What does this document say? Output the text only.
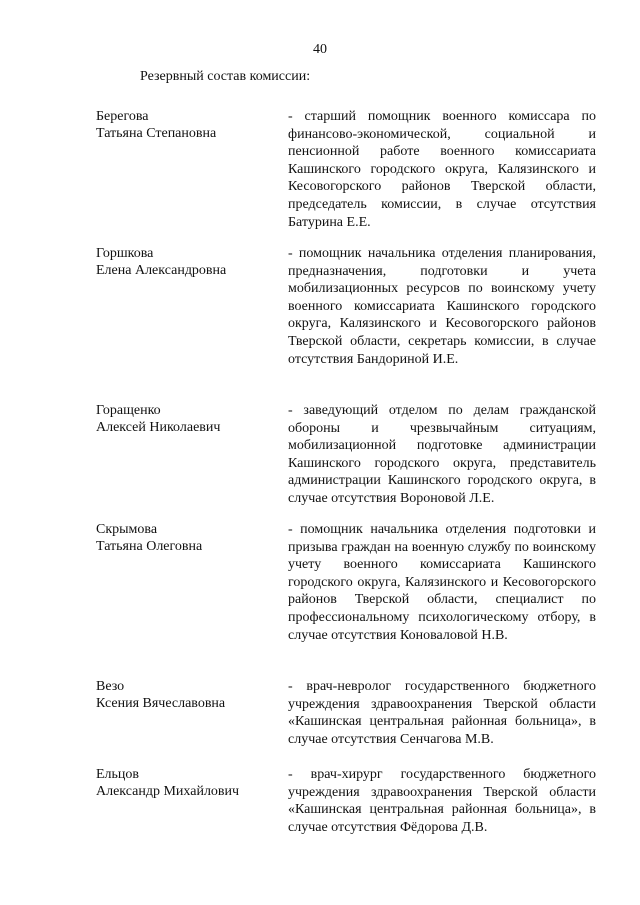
40
Резервный состав комиссии:
Берегова
Татьяна Степановна
- старший помощник военного комиссара по финансово-экономической, социальной и пенсионной работе военного комиссариата Кашинского городского округа, Калязинского и Кесовогорского районов Тверской области, председатель комиссии, в случае отсутствия Батурина Е.Е.
Горшкова
Елена Александровна
- помощник начальника отделения планирования, предназначения, подготовки и учета мобилизационных ресурсов по воинскому учету военного комиссариата Кашинского городского округа, Калязинского и Кесовогорского районов Тверской области, секретарь комиссии, в случае отсутствия Бандориной И.Е.
Горащенко
Алексей Николаевич
- заведующий отделом по делам гражданской обороны и чрезвычайным ситуациям, мобилизационной подготовке администрации Кашинского городского округа, представитель администрации Кашинского городского округа, в случае отсутствия Вороновой Л.Е.
Скрымова
Татьяна Олеговна
- помощник начальника отделения подготовки и призыва граждан на военную службу по воинскому учету военного комиссариата Кашинского городского округа, Калязинского и Кесовогорского районов Тверской области, специалист по профессиональному психологическому отбору, в случае отсутствия Коноваловой Н.В.
Везо
Ксения Вячеславовна
- врач-невролог государственного бюджетного учреждения здравоохранения Тверской области «Кашинская центральная районная больница», в случае отсутствия Сенчагова М.В.
Ельцов
Александр Михайлович
- врач-хирург государственного бюджетного учреждения здравоохранения Тверской области «Кашинская центральная районная больница», в случае отсутствия Фёдорова Д.В.
